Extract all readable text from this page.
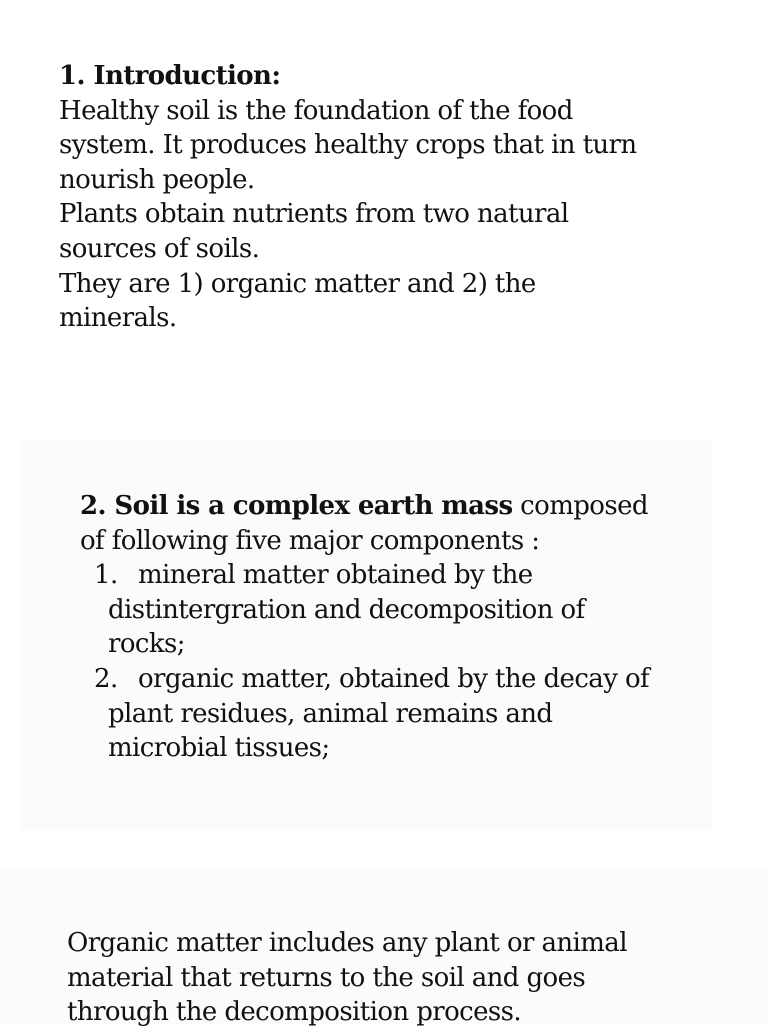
1. Introduction:

Healthy soil is the foundation of the food

system. It produces healthy crops that in turn

nourish people.

Plants obtain nutrients from two natural

sources of soils.

They are 1) organic matter and 2) the

minerals.

2. Soil is a complex earth mass composed

of following five major components :

1. mineral matter obtained by the
distintergration and decomposition of
rocks;
2. organic matter, obtained by the decay of
plant residues, animal remains and
microbial tissues;

Organic matter includes any plant or animal

material that returns to the soil and goes

through the decomposition process.
